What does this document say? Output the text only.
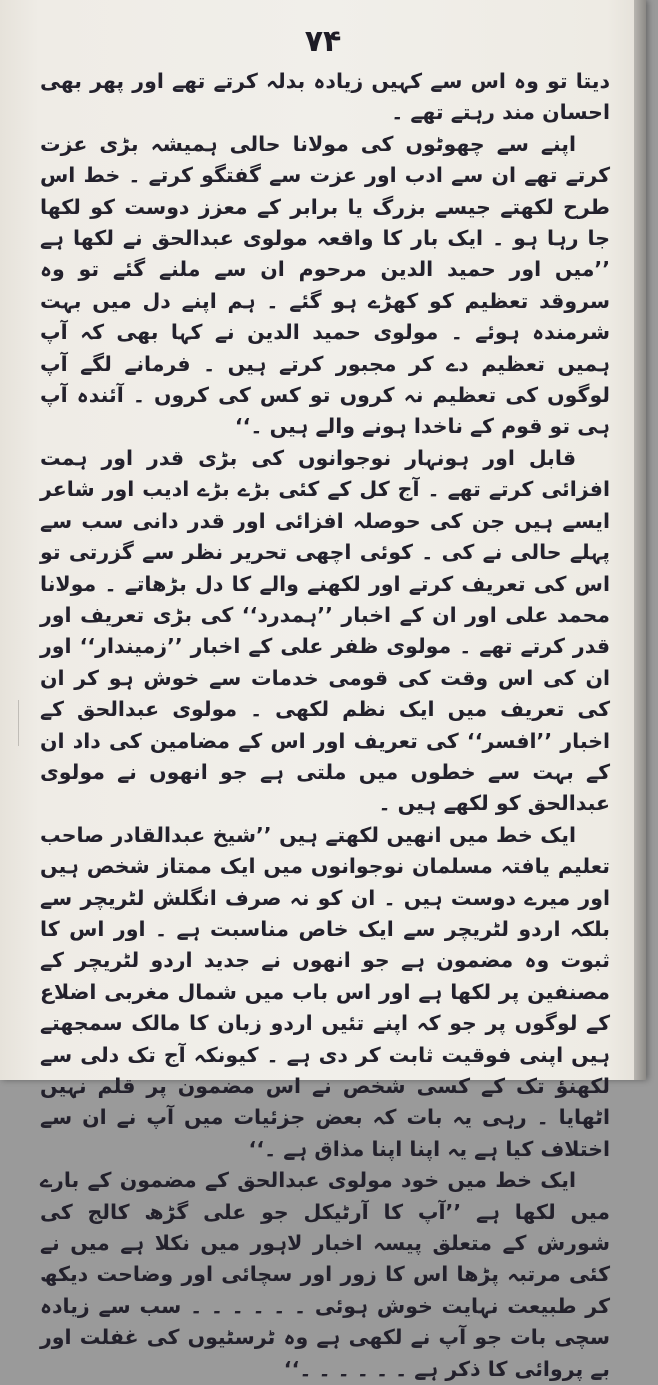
۷۴

دیتا تو وہ اس سے کہیں زیادہ بدلہ کرتے تھے اور پھر بھی احسان مند رہتے تھے ۔

اپنے سے چھوٹوں کی مولانا حالی ہمیشہ بڑی عزت کرتے تھے ان سے ادب اور عزت سے گفتگو کرتے ۔ خط اس طرح لکھتے جیسے بزرگ یا برابر کے معزز دوست کو لکھا جا رہا ہو ۔ ایک بار کا واقعہ مولوی عبدالحق نے لکھا ہے ’’میں اور حمید الدین مرحوم ان سے ملنے گئے تو وہ سروقد تعظیم کو کھڑے ہو گئے ۔ ہم اپنے دل میں بہت شرمندہ ہوئے ۔ مولوی حمید الدین نے کہا بھی کہ آپ ہمیں تعظیم دے کر مجبور کرتے ہیں ۔ فرمانے لگے آپ لوگوں کی تعظیم نہ کروں تو کس کی کروں ۔ آئندہ آپ ہی تو قوم کے ناخدا ہونے والے ہیں ۔‘‘

قابل اور ہونہار نوجوانوں کی بڑی قدر اور ہمت افزائی کرتے تھے ۔ آج کل کے کئی بڑے بڑے ادیب اور شاعر ایسے ہیں جن کی حوصلہ افزائی اور قدر دانی سب سے پہلے حالی نے کی ۔ کوئی اچھی تحریر نظر سے گزرتی تو اس کی تعریف کرتے اور لکھنے والے کا دل بڑھاتے ۔ مولانا محمد علی اور ان کے اخبار ’’ہمدرد‘‘ کی بڑی تعریف اور قدر کرتے تھے ۔ مولوی ظفر علی کے اخبار ’’زمیندار‘‘ اور ان کی اس وقت کی قومی خدمات سے خوش ہو کر ان کی تعریف میں ایک نظم لکھی ۔ مولوی عبدالحق کے اخبار ’’افسر‘‘ کی تعریف اور اس کے مضامین کی داد ان کے بہت سے خطوں میں ملتی ہے جو انھوں نے مولوی عبدالحق کو لکھے ہیں ۔

ایک خط میں انھیں لکھتے ہیں ’’شیخ عبدالقادر صاحب تعلیم یافتہ مسلمان نوجوانوں میں ایک ممتاز شخص ہیں اور میرے دوست ہیں ۔ ان کو نہ صرف انگلش لٹریچر سے بلکہ اردو لٹریچر سے ایک خاص مناسبت ہے ۔ اور اس کا ثبوت وہ مضمون ہے جو انھوں نے جدید اردو لٹریچر کے مصنفین پر لکھا ہے اور اس باب میں شمال مغربی اضلاع کے لوگوں پر جو کہ اپنے تئیں اردو زبان کا مالک سمجھتے ہیں اپنی فوقیت ثابت کر دی ہے ۔ کیونکہ آج تک دلی سے لکھنؤ تک کے کسی شخص نے اس مضمون پر قلم نہیں اٹھایا ۔ رہی یہ بات کہ بعض جزئیات میں آپ نے ان سے اختلاف کیا ہے یہ اپنا اپنا مذاق ہے ۔‘‘

ایک خط میں خود مولوی عبدالحق کے مضمون کے بارے میں لکھا ہے ’’آپ کا آرٹیکل جو علی گڑھ کالج کی شورش کے متعلق پیسہ اخبار لاہور میں نکلا ہے میں نے کئی مرتبہ پڑھا اس کا زور اور سچائی اور وضاحت دیکھ کر طبیعت نہایت خوش ہوئی ۔ ۔ ۔ ۔ ۔ ۔ سب سے زیادہ سچی بات جو آپ نے لکھی ہے وہ ٹرسٹیوں کی غفلت اور بے پروائی کا ذکر ہے ۔ ۔ ۔ ۔ ۔ ۔‘‘
